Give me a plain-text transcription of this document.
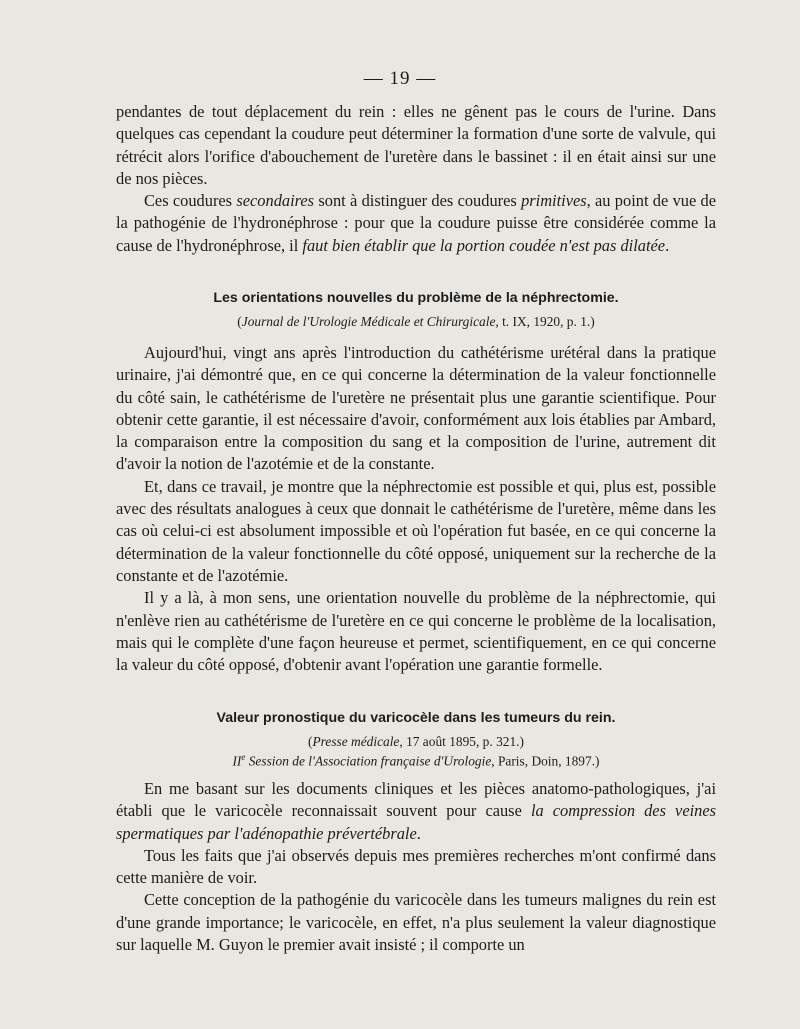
— 19 —

pendantes de tout déplacement du rein : elles ne gênent pas le cours de l'urine. Dans quelques cas cependant la coudure peut déterminer la formation d'une sorte de valvule, qui rétrécit alors l'orifice d'abouchement de l'uretère dans le bassinet : il en était ainsi sur une de nos pièces.

Ces coudures secondaires sont à distinguer des coudures primitives, au point de vue de la pathogénie de l'hydronéphrose : pour que la coudure puisse être considérée comme la cause de l'hydronéphrose, il faut bien établir que la portion coudée n'est pas dilatée.

Les orientations nouvelles du problème de la néphrectomie.
(Journal de l'Urologie Médicale et Chirurgicale, t. IX, 1920, p. 1.)

Aujourd'hui, vingt ans après l'introduction du cathétérisme urétéral dans la pratique urinaire, j'ai démontré que, en ce qui concerne la détermination de la valeur fonctionnelle du côté sain, le cathétérisme de l'uretère ne présentait plus une garantie scientifique. Pour obtenir cette garantie, il est nécessaire d'avoir, conformément aux lois établies par Ambard, la comparaison entre la composition du sang et la composition de l'urine, autrement dit d'avoir la notion de l'azotémie et de la constante.

Et, dans ce travail, je montre que la néphrectomie est possible et qui, plus est, possible avec des résultats analogues à ceux que donnait le cathétérisme de l'uretère, même dans les cas où celui-ci est absolument impossible et où l'opération fut basée, en ce qui concerne la détermination de la valeur fonctionnelle du côté opposé, uniquement sur la recherche de la constante et de l'azotémie.

Il y a là, à mon sens, une orientation nouvelle du problème de la néphrectomie, qui n'enlève rien au cathétérisme de l'uretère en ce qui concerne le problème de la localisation, mais qui le complète d'une façon heureuse et permet, scientifiquement, en ce qui concerne la valeur du côté opposé, d'obtenir avant l'opération une garantie formelle.

Valeur pronostique du varicocèle dans les tumeurs du rein.
(Presse médicale, 17 août 1895, p. 321.)
IIe Session de l'Association française d'Urologie, Paris, Doin, 1897.)

En me basant sur les documents cliniques et les pièces anatomo-pathologiques, j'ai établi que le varicocèle reconnaissait souvent pour cause la compression des veines spermatiques par l'adénopathie prévertébrale.

Tous les faits que j'ai observés depuis mes premières recherches m'ont confirmé dans cette manière de voir.

Cette conception de la pathogénie du varicocèle dans les tumeurs malignes du rein est d'une grande importance; le varicocèle, en effet, n'a plus seulement la valeur diagnostique sur laquelle M. Guyon le premier avait insisté ; il comporte un
